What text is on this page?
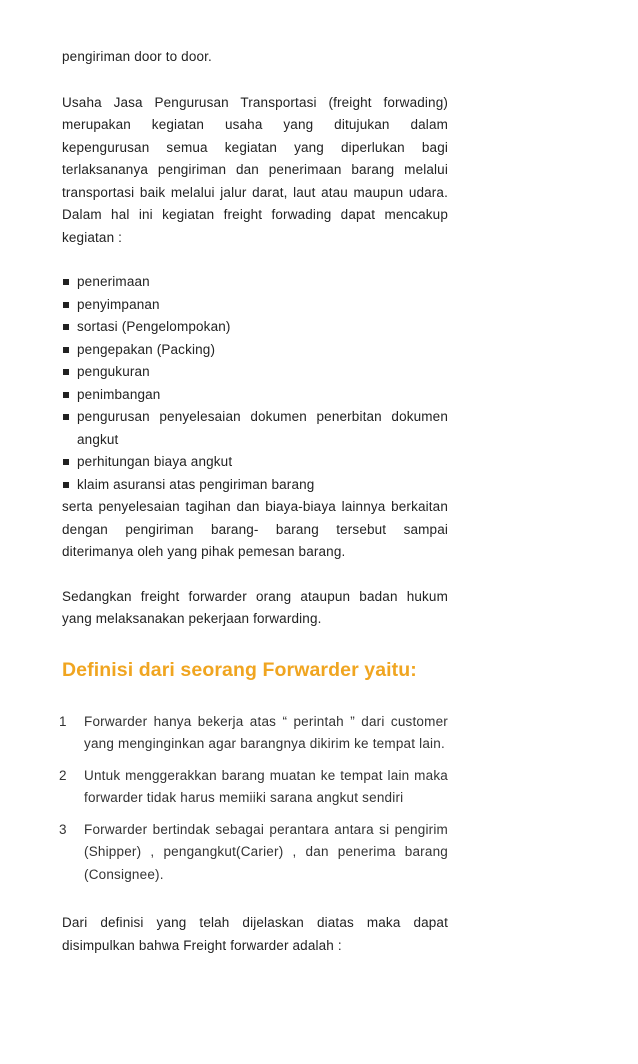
pengiriman door to door.

Usaha Jasa Pengurusan Transportasi (freight forwading) merupakan kegiatan usaha yang ditujukan dalam kepengurusan semua kegiatan yang diperlukan bagi terlaksananya pengiriman dan penerimaan barang melalui transportasi baik melalui jalur darat, laut atau maupun udara. Dalam hal ini kegiatan freight forwading dapat mencakup kegiatan :

penerimaan
penyimpanan
sortasi (Pengelompokan)
pengepakan (Packing)
pengukuran
penimbangan
pengurusan penyelesaian dokumen penerbitan dokumen angkut
perhitungan biaya angkut
klaim asuransi atas pengiriman barang

serta penyelesaian tagihan dan biaya-biaya lainnya berkaitan dengan pengiriman barang- barang tersebut sampai diterimanya oleh yang pihak pemesan barang.

Sedangkan freight forwarder orang ataupun badan hukum yang melaksanakan pekerjaan forwarding.

Definisi dari seorang Forwarder yaitu:
1 Forwarder hanya bekerja atas “ perintah ” dari customer yang menginginkan agar barangnya dikirim ke tempat lain.
2 Untuk menggerakkan barang muatan ke tempat lain maka forwarder tidak harus memiiki sarana angkut sendiri
3 Forwarder bertindak sebagai perantara antara si pengirim (Shipper) , pengangkut(Carier) , dan penerima barang (Consignee).

Dari definisi yang telah dijelaskan diatas maka dapat disimpulkan bahwa Freight forwarder adalah :
